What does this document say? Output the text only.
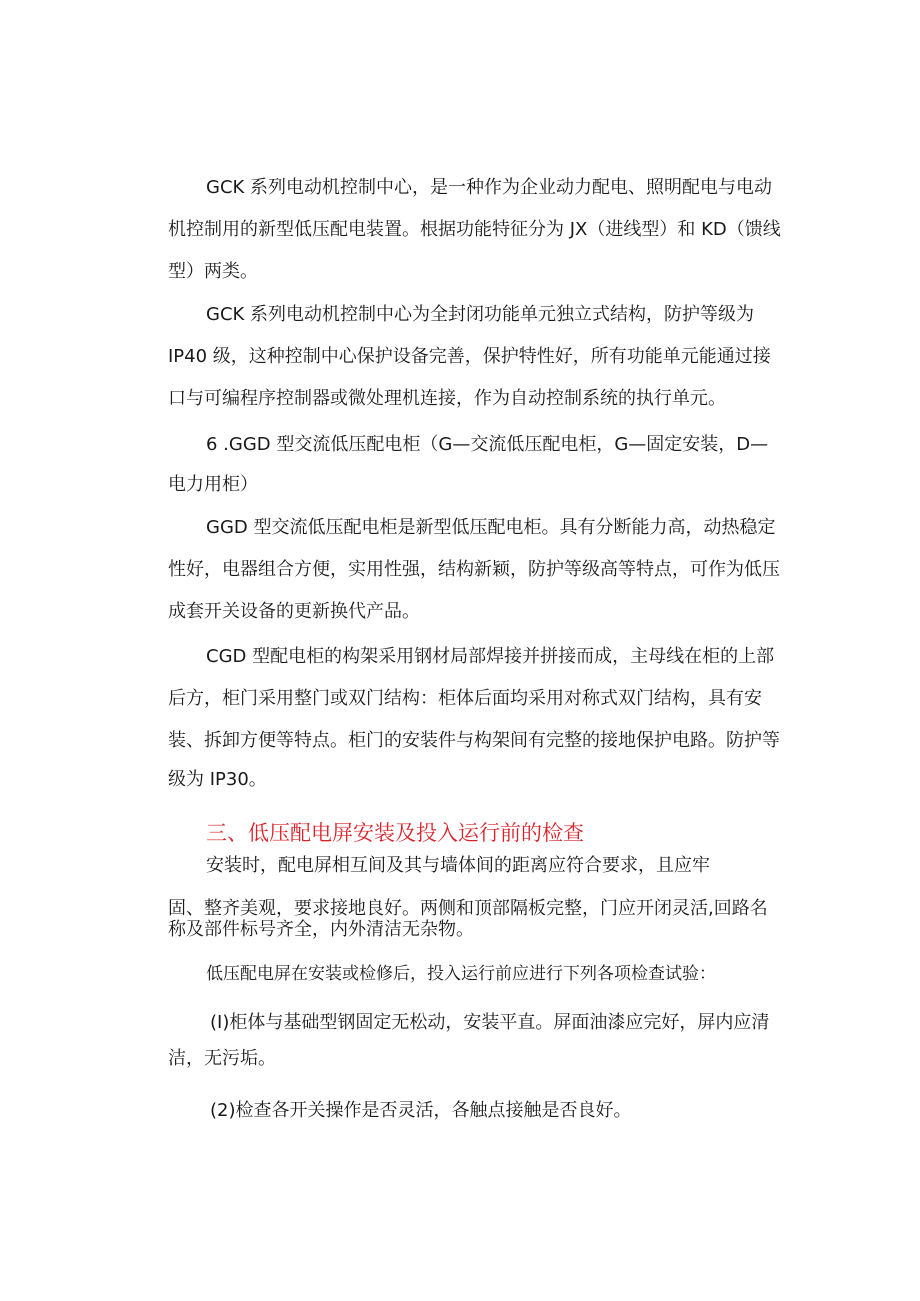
GCK 系列电动机控制中心，是一种作为企业动力配电、照明配电与电动
机控制用的新型低压配电装置。根据功能特征分为 JX（进线型）和 KD（馈线
型）两类。
GCK 系列电动机控制中心为全封闭功能单元独立式结构，防护等级为
IP40 级，这种控制中心保护设备完善，保护特性好，所有功能单元能通过接
口与可编程序控制器或微处理机连接，作为自动控制系统的执行单元。
6 .GGD 型交流低压配电柜（G—交流低压配电柜，G—固定安装，D—
电力用柜）
GGD 型交流低压配电柜是新型低压配电柜。具有分断能力高，动热稳定
性好，电器组合方便，实用性强，结构新颖，防护等级高等特点，可作为低压
成套开关设备的更新换代产品。
CGD 型配电柜的构架采用钢材局部焊接并拼接而成，主母线在柜的上部
后方，柜门采用整门或双门结构：柜体后面均采用对称式双门结构，具有安
装、拆卸方便等特点。柜门的安装件与构架间有完整的接地保护电路。防护等
级为 IP30。
三、低压配电屏安装及投入运行前的检查
安装时，配电屏相互间及其与墙体间的距离应符合要求，且应牢
固、整齐美观，要求接地良好。两侧和顶部隔板完整，门应开闭灵活,回路名
称及部件标号齐全，内外清洁无杂物。
低压配电屏在安装或检修后，投入运行前应进行下列各项检查试验：
(I)柜体与基础型钢固定无松动，安装平直。屏面油漆应完好，屏内应清
洁，无污垢。
(2)检查各开关操作是否灵活，各触点接触是否良好。
